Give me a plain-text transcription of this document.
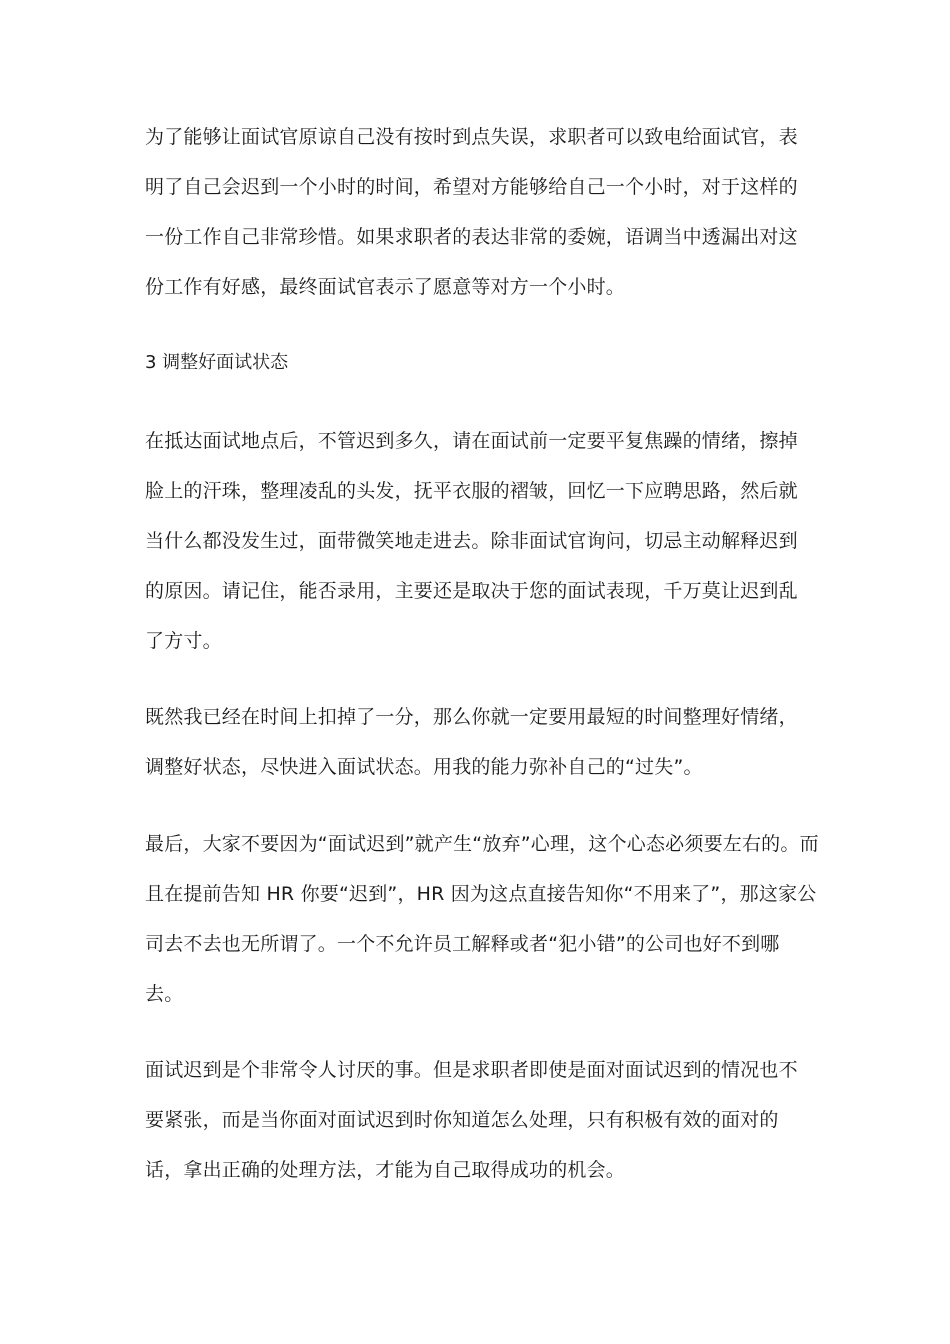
为了能够让面试官原谅自己没有按时到点失误，求职者可以致电给面试官，表
明了自己会迟到一个小时的时间，希望对方能够给自己一个小时，对于这样的
一份工作自己非常珍惜。如果求职者的表达非常的委婉，语调当中透漏出对这
份工作有好感，最终面试官表示了愿意等对方一个小时。
3 调整好面试状态
在抵达面试地点后，不管迟到多久，请在面试前一定要平复焦躁的情绪，擦掉
脸上的汗珠，整理凌乱的头发，抚平衣服的褶皱，回忆一下应聘思路，然后就
当什么都没发生过，面带微笑地走进去。除非面试官询问，切忌主动解释迟到
的原因。请记住，能否录用，主要还是取决于您的面试表现，千万莫让迟到乱
了方寸。
既然我已经在时间上扣掉了一分，那么你就一定要用最短的时间整理好情绪，
调整好状态，尽快进入面试状态。用我的能力弥补自己的“过失”。
最后，大家不要因为“面试迟到”就产生“放弃”心理，这个心态必须要左右的。而
且在提前告知 HR 你要“迟到”，HR 因为这点直接告知你“不用来了”，那这家公
司去不去也无所谓了。一个不允许员工解释或者“犯小错”的公司也好不到哪
去。
面试迟到是个非常令人讨厌的事。但是求职者即使是面对面试迟到的情况也不
要紧张，而是当你面对面试迟到时你知道怎么处理，只有积极有效的面对的
话，拿出正确的处理方法，才能为自己取得成功的机会。
